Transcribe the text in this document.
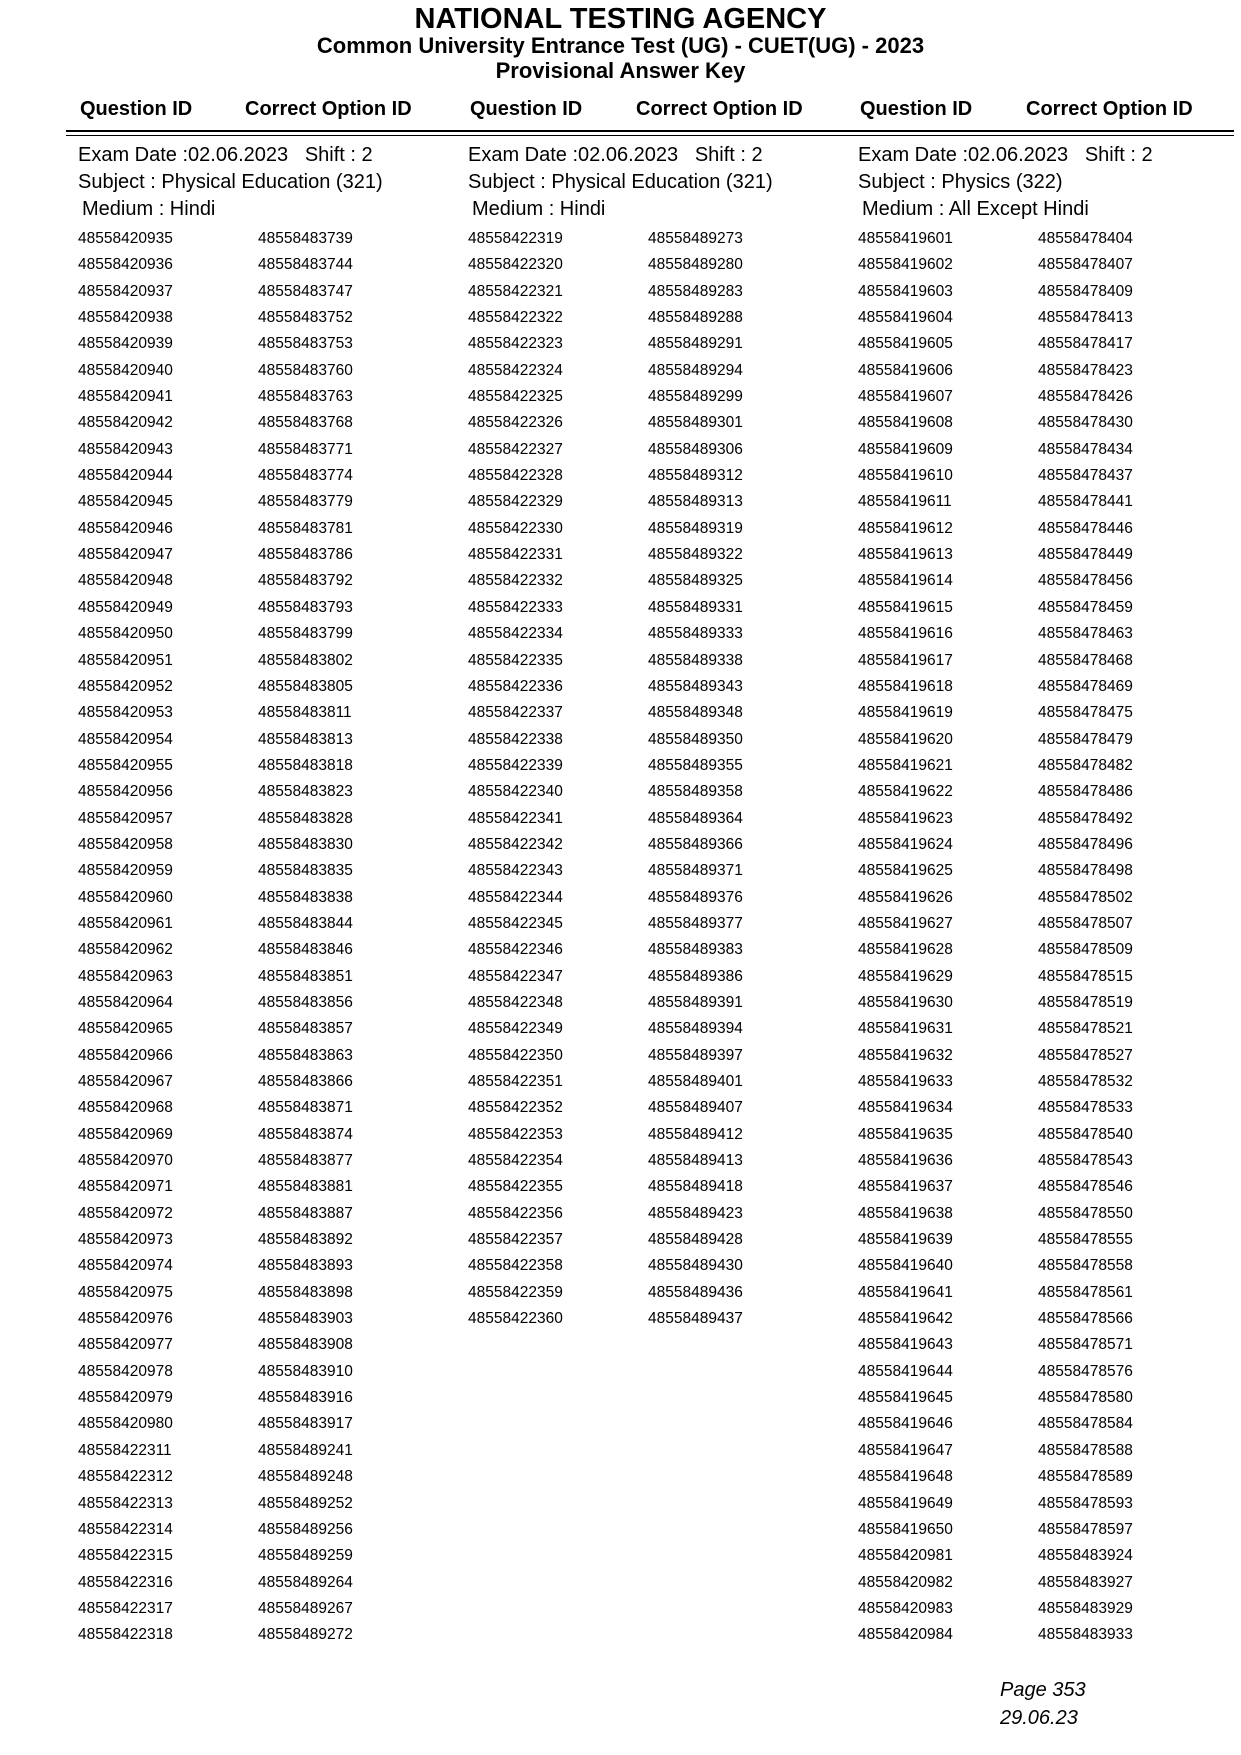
NATIONAL TESTING AGENCY
Common University Entrance Test (UG) - CUET(UG) - 2023
Provisional Answer Key
Question ID	Correct Option ID	Question ID	Correct Option ID	Question ID	Correct Option ID
Exam Date :02.06.2023 Shift : 2
Subject : Physical Education (321)
Medium : Hindi
48558420935	48558483739
48558420936	48558483744
48558420937	48558483747
48558420938	48558483752
48558420939	48558483753
48558420940	48558483760
48558420941	48558483763
48558420942	48558483768
48558420943	48558483771
48558420944	48558483774
48558420945	48558483779
48558420946	48558483781
48558420947	48558483786
48558420948	48558483792
48558420949	48558483793
48558420950	48558483799
48558420951	48558483802
48558420952	48558483805
48558420953	48558483811
48558420954	48558483813
48558420955	48558483818
48558420956	48558483823
48558420957	48558483828
48558420958	48558483830
48558420959	48558483835
48558420960	48558483838
48558420961	48558483844
48558420962	48558483846
48558420963	48558483851
48558420964	48558483856
48558420965	48558483857
48558420966	48558483863
48558420967	48558483866
48558420968	48558483871
48558420969	48558483874
48558420970	48558483877
48558420971	48558483881
48558420972	48558483887
48558420973	48558483892
48558420974	48558483893
48558420975	48558483898
48558420976	48558483903
48558420977	48558483908
48558420978	48558483910
48558420979	48558483916
48558420980	48558483917
48558422311	48558489241
48558422312	48558489248
48558422313	48558489252
48558422314	48558489256
48558422315	48558489259
48558422316	48558489264
48558422317	48558489267
48558422318	48558489272
Exam Date :02.06.2023 Shift : 2
Subject : Physical Education (321)
Medium : Hindi
48558422319	48558489273
48558422320	48558489280
48558422321	48558489283
48558422322	48558489288
48558422323	48558489291
48558422324	48558489294
48558422325	48558489299
48558422326	48558489301
48558422327	48558489306
48558422328	48558489312
48558422329	48558489313
48558422330	48558489319
48558422331	48558489322
48558422332	48558489325
48558422333	48558489331
48558422334	48558489333
48558422335	48558489338
48558422336	48558489343
48558422337	48558489348
48558422338	48558489350
48558422339	48558489355
48558422340	48558489358
48558422341	48558489364
48558422342	48558489366
48558422343	48558489371
48558422344	48558489376
48558422345	48558489377
48558422346	48558489383
48558422347	48558489386
48558422348	48558489391
48558422349	48558489394
48558422350	48558489397
48558422351	48558489401
48558422352	48558489407
48558422353	48558489412
48558422354	48558489413
48558422355	48558489418
48558422356	48558489423
48558422357	48558489428
48558422358	48558489430
48558422359	48558489436
48558422360	48558489437
Exam Date :02.06.2023 Shift : 2
Subject : Physics (322)
Medium : All Except Hindi
48558419601	48558478404
48558419602	48558478407
48558419603	48558478409
48558419604	48558478413
48558419605	48558478417
48558419606	48558478423
48558419607	48558478426
48558419608	48558478430
48558419609	48558478434
48558419610	48558478437
48558419611	48558478441
48558419612	48558478446
48558419613	48558478449
48558419614	48558478456
48558419615	48558478459
48558419616	48558478463
48558419617	48558478468
48558419618	48558478469
48558419619	48558478475
48558419620	48558478479
48558419621	48558478482
48558419622	48558478486
48558419623	48558478492
48558419624	48558478496
48558419625	48558478498
48558419626	48558478502
48558419627	48558478507
48558419628	48558478509
48558419629	48558478515
48558419630	48558478519
48558419631	48558478521
48558419632	48558478527
48558419633	48558478532
48558419634	48558478533
48558419635	48558478540
48558419636	48558478543
48558419637	48558478546
48558419638	48558478550
48558419639	48558478555
48558419640	48558478558
48558419641	48558478561
48558419642	48558478566
48558419643	48558478571
48558419644	48558478576
48558419645	48558478580
48558419646	48558478584
48558419647	48558478588
48558419648	48558478589
48558419649	48558478593
48558419650	48558478597
48558420981	48558483924
48558420982	48558483927
48558420983	48558483929
48558420984	48558483933
Page 353
29.06.23
